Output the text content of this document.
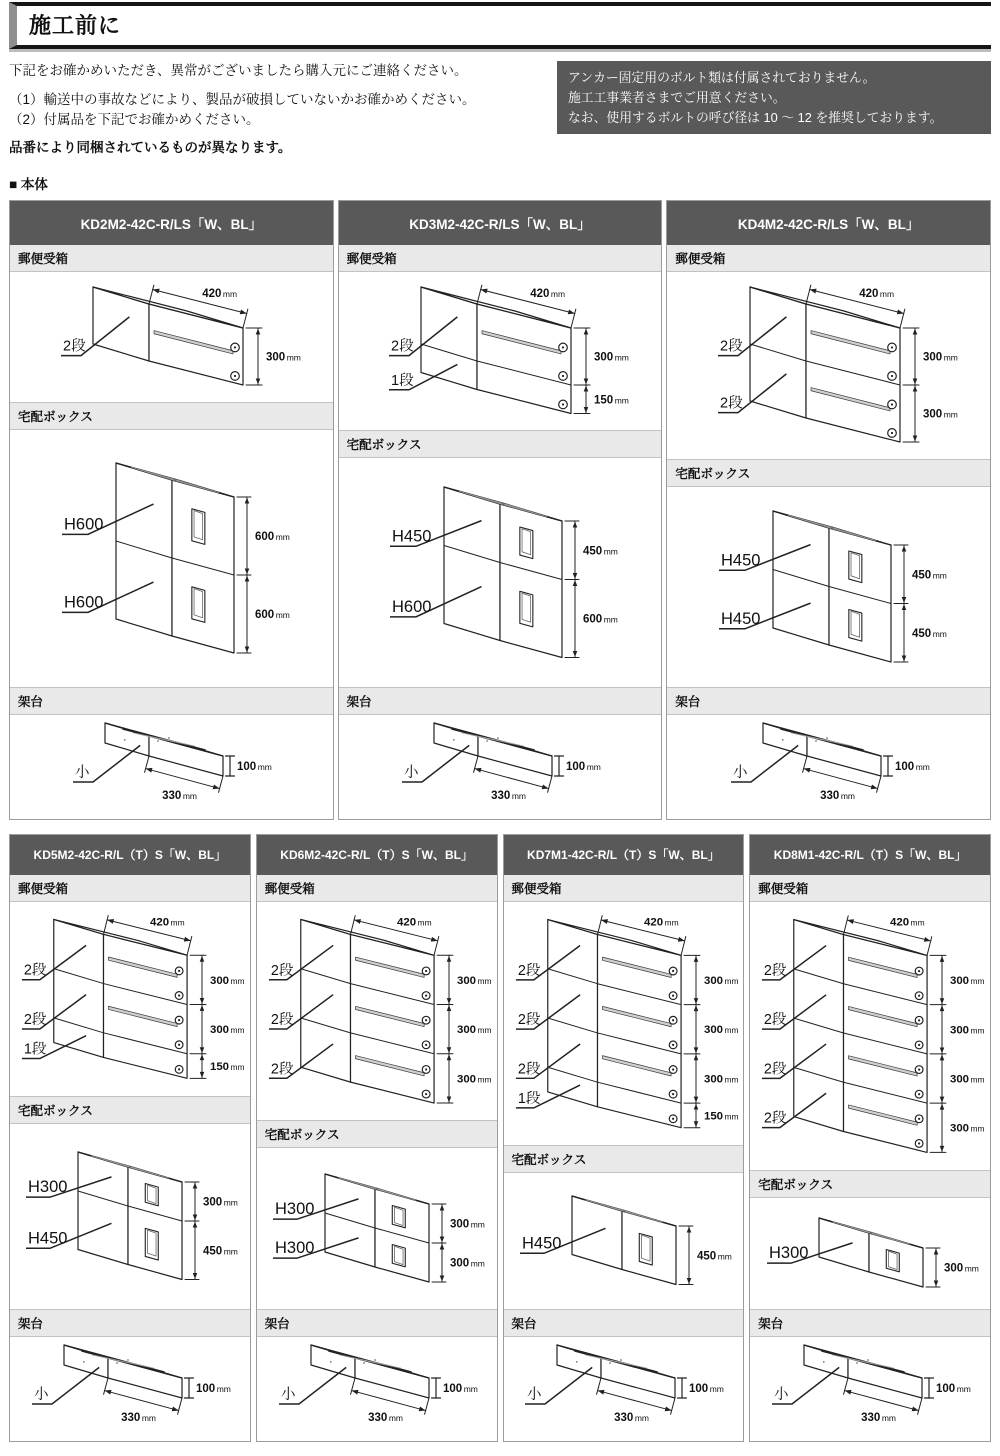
施工前に
下記をお確かめいただき、異常がございましたら購入元にご連絡ください。
（1）輸送中の事故などにより、製品が破損していないかお確かめください。
（2）付属品を下記でお確かめください。
品番により同梱されているものが異なります。
アンカー固定用のボルト類は付属されておりません。
施工工事業者さまでご用意ください。
なお、使用するボルトの呼び径は 10 〜 12 を推奨しております。
■ 本体
KD2M2-42C-R/LS「W、BL」
郵便受箱
420 mm
300 mm
2段
宅配ボックス
600 mm
600 mm
H600
H600
架台
100 mm
330mm
小
KD3M2-42C-R/LS「W、BL」
郵便受箱
420 mm
300 mm
150 mm
2段
1段
宅配ボックス
450 mm
600 mm
H450
H600
架台
100 mm
330 mm
小
KD4M2-42C-R/LS「W、BL」
郵便受箱
420 mm
300 mm
300 mm
2段
2段
宅配ボックス
450 mm
450 mm
H450
H450
架台
100 mm
330 mm
小
KD5M2-42C-R/L（T）S「W、BL」
郵便受箱
420mm
300mm
300mm
150mm
2段
2段
1段
宅配ボックス
300 mm
450 mm
H300
H450
架台
100 mm
330mm
小
KD6M2-42C-R/L（T）S「W、BL」
郵便受箱
420mm
300mm
300mm
300mm
2段
2段
2段
宅配ボックス
300 mm
300 mm
H300
H300
架台
100 mm
330 mm
小
KD7M1-42C-R/L（T）S「W、BL」
郵便受箱
420mm
300mm
300mm
300mm
150mm
2段
2段
2段
1段
宅配ボックス
450 mm
H450
架台
100 mm
330 mm
小
KD8M1-42C-R/L（T）S「W、BL」
郵便受箱
420mm
300mm
300mm
300mm
300mm
2段
2段
2段
2段
宅配ボックス
300 mm
H300
架台
100 mm
330 mm
小
